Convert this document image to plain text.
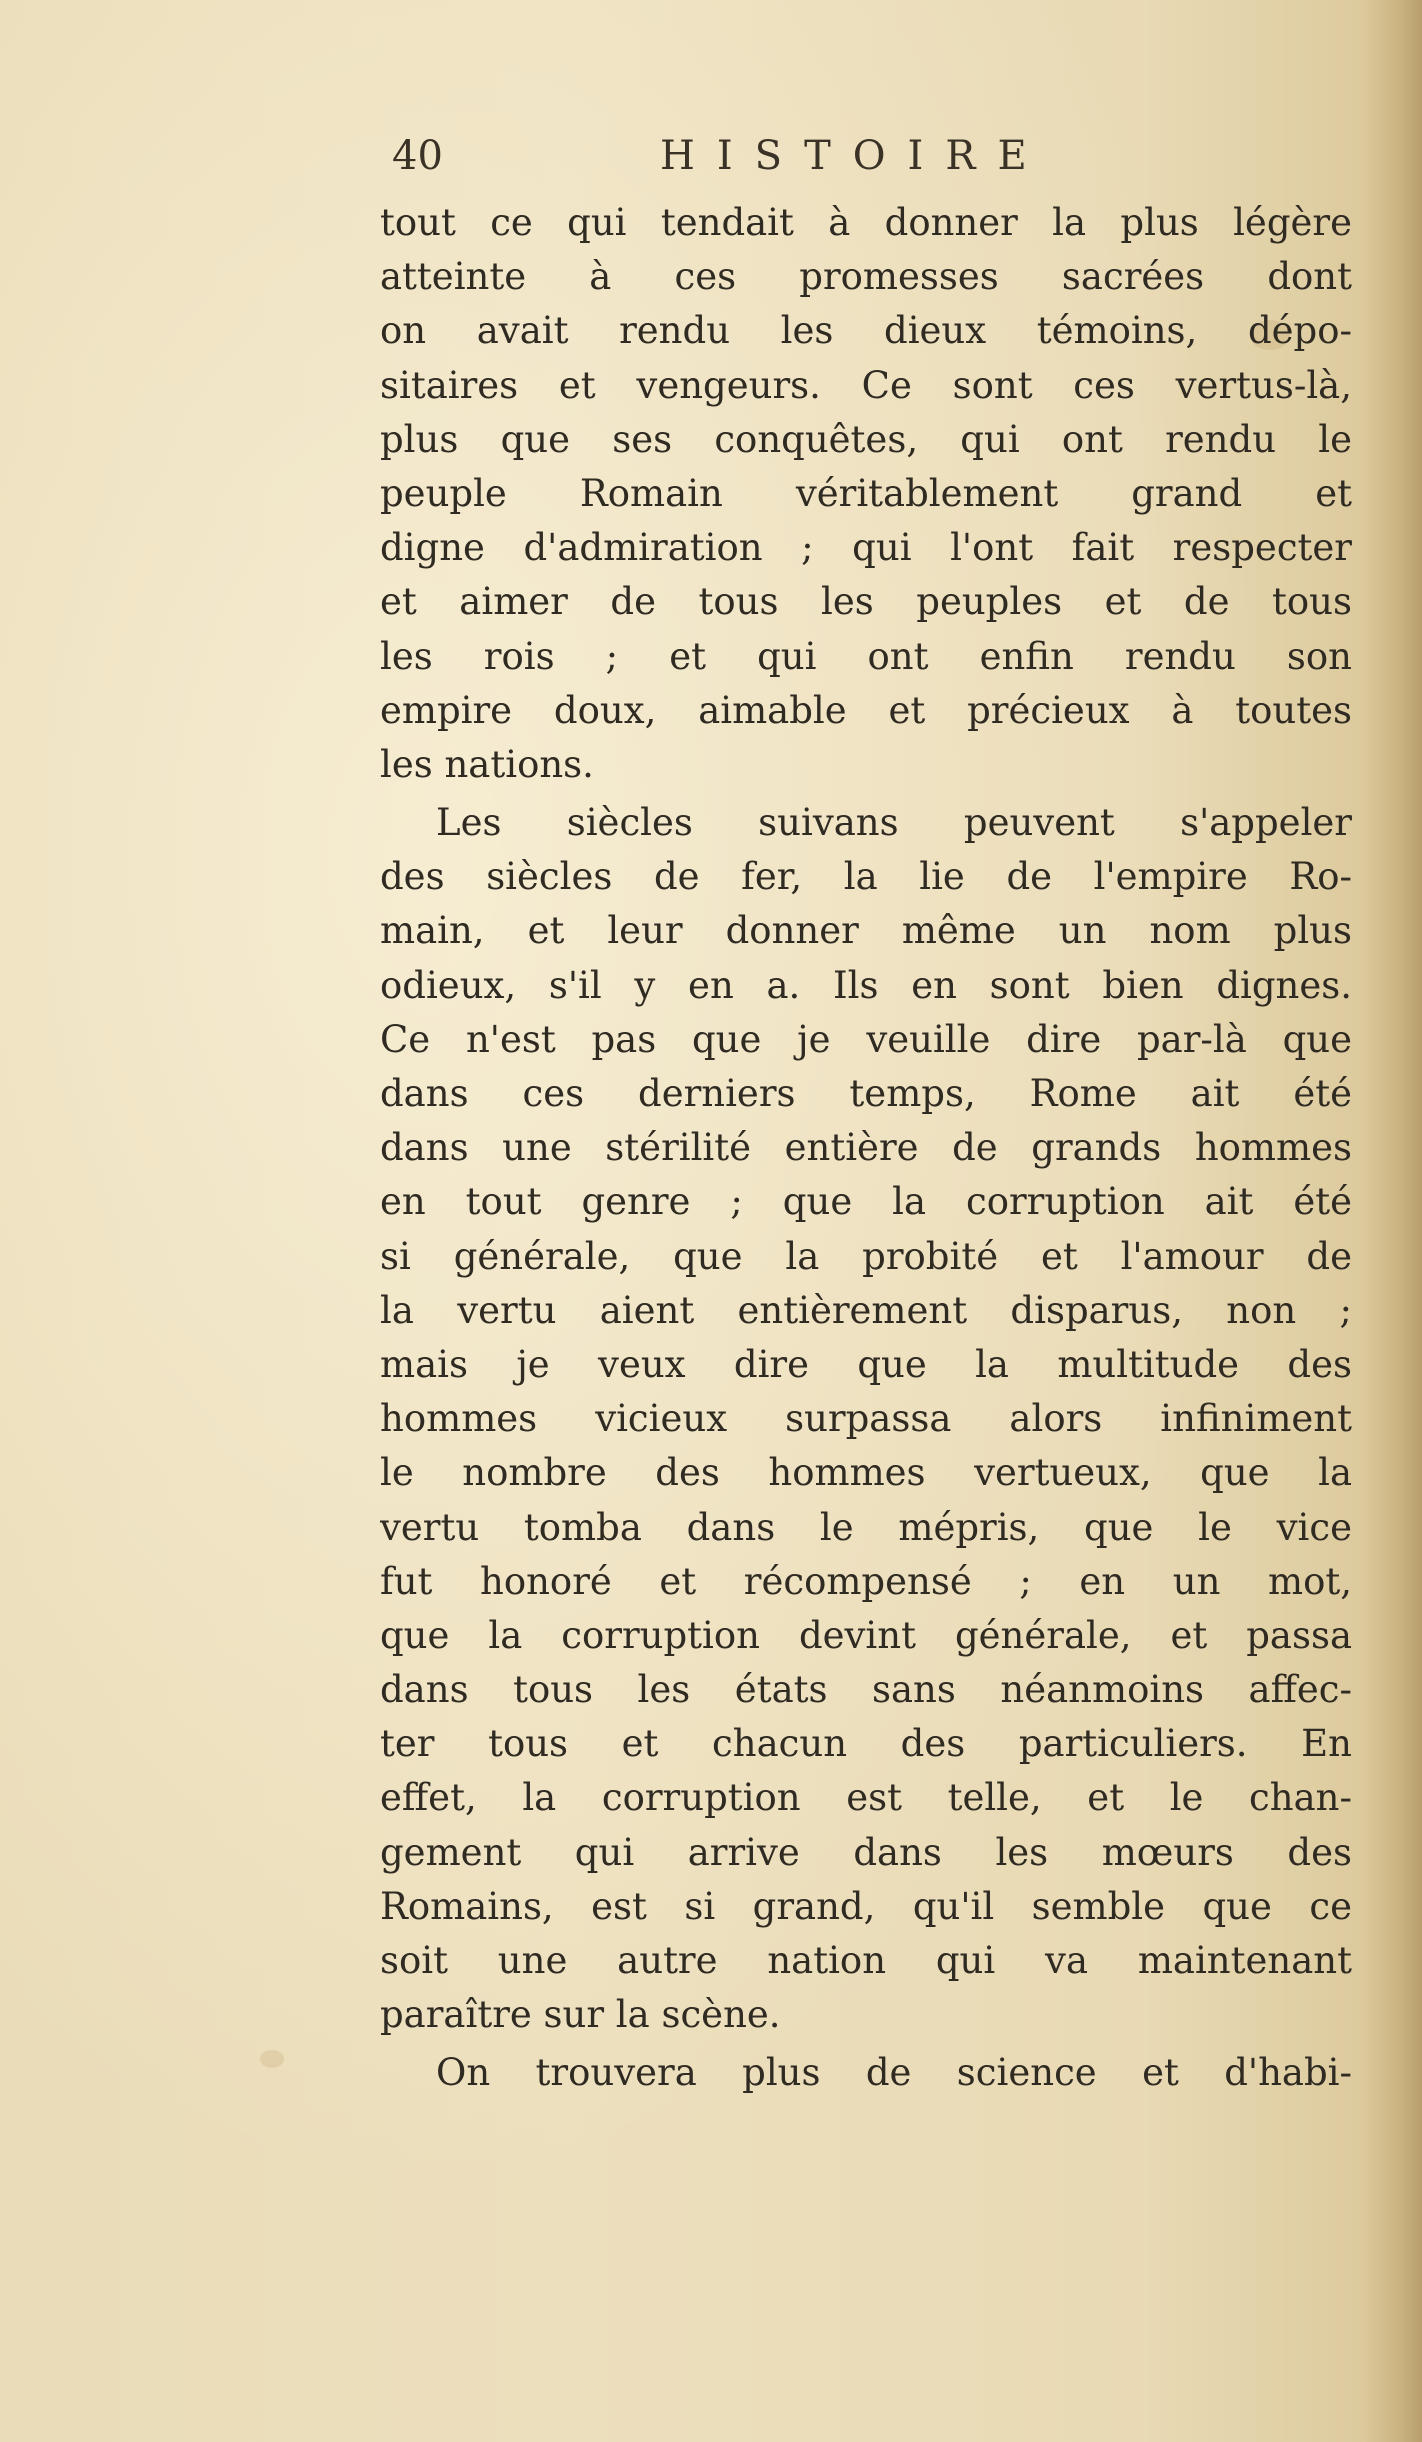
40	HISTOIRE
tout ce qui tendait à donner la plus légère
atteinte à ces promesses sacrées dont
on avait rendu les dieux témoins, dépo-
sitaires et vengeurs. Ce sont ces vertus-là,
plus que ses conquêtes, qui ont rendu le
peuple Romain véritablement grand et
digne d'admiration ; qui l'ont fait respecter
et aimer de tous les peuples et de tous
les rois ; et qui ont enfin rendu son
empire doux, aimable et précieux à toutes
les nations.
Les siècles suivans peuvent s'appeler
des siècles de fer, la lie de l'empire Ro-
main, et leur donner même un nom plus
odieux, s'il y en a. Ils en sont bien dignes.
Ce n'est pas que je veuille dire par-là que
dans ces derniers temps, Rome ait été
dans une stérilité entière de grands hommes
en tout genre ; que la corruption ait été
si générale, que la probité et l'amour de
la vertu aient entièrement disparus, non ;
mais je veux dire que la multitude des
hommes vicieux surpassa alors infiniment
le nombre des hommes vertueux, que la
vertu tomba dans le mépris, que le vice
fut honoré et récompensé ; en un mot,
que la corruption devint générale, et passa
dans tous les états sans néanmoins affec-
ter tous et chacun des particuliers. En
effet, la corruption est telle, et le chan-
gement qui arrive dans les mœurs des
Romains, est si grand, qu'il semble que ce
soit une autre nation qui va maintenant
paraître sur la scène.
On trouvera plus de science et d'habi-
